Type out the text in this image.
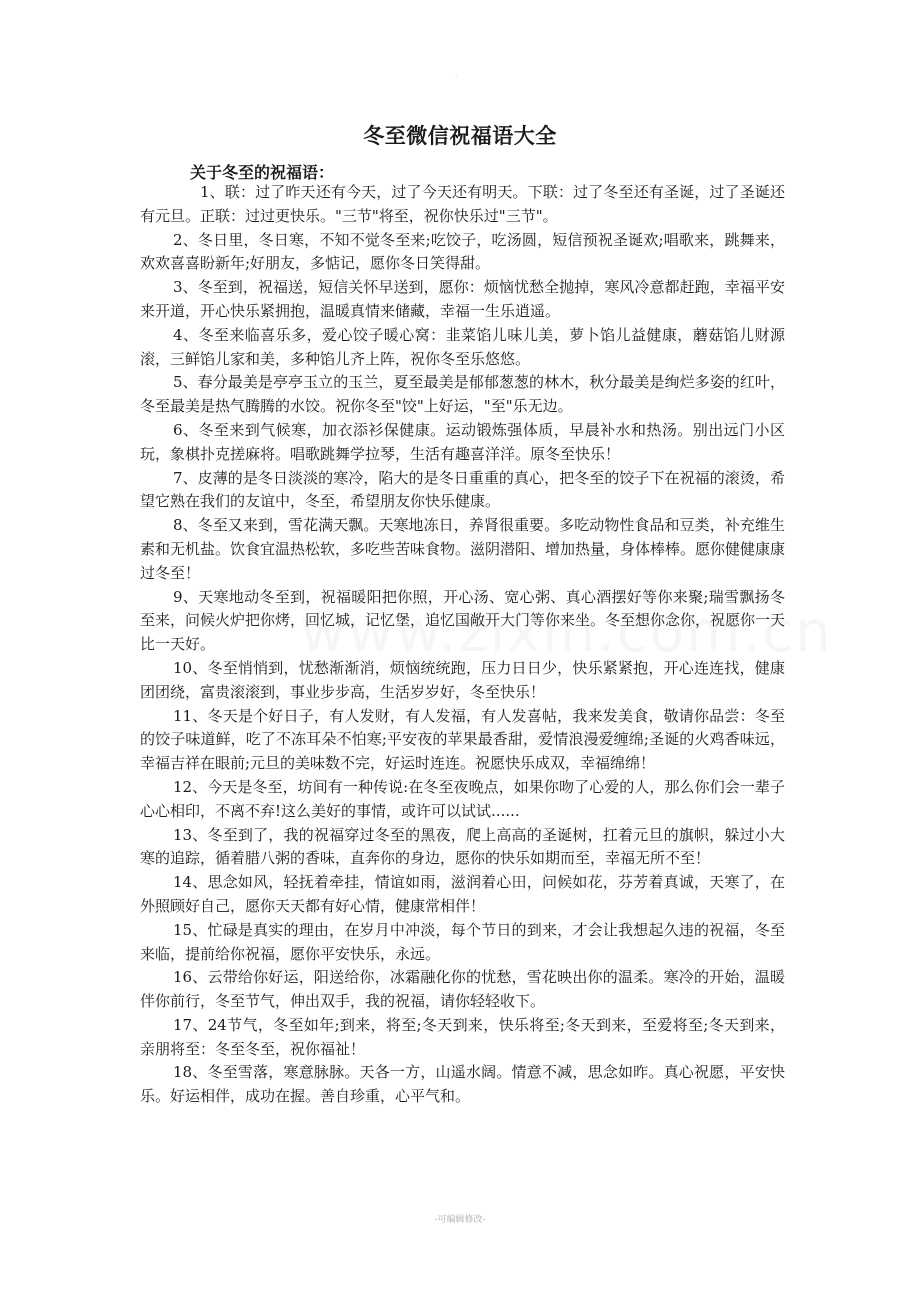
.
冬至微信祝福语大全
关于冬至的祝福语：

1、联：过了昨天还有今天，过了今天还有明天。下联：过了冬至还有圣诞，过了圣诞还有元旦。正联：过过更快乐。"三节"将至，祝你快乐过"三节"。

2、冬日里，冬日寒，不知不觉冬至来;吃饺子，吃汤圆，短信预祝圣诞欢;唱歌来，跳舞来，欢欢喜喜盼新年;好朋友，多惦记，愿你冬日笑得甜。

3、冬至到，祝福送，短信关怀早送到，愿你：烦恼忧愁全抛掉，寒风冷意都赶跑，幸福平安来开道，开心快乐紧拥抱，温暖真情来储藏，幸福一生乐逍遥。

4、冬至来临喜乐多，爱心饺子暖心窝：韭菜馅儿味儿美，萝卜馅儿益健康，蘑菇馅儿财源滚，三鲜馅儿家和美，多种馅儿齐上阵，祝你冬至乐悠悠。

5、春分最美是亭亭玉立的玉兰，夏至最美是郁郁葱葱的林木，秋分最美是绚烂多姿的红叶，冬至最美是热气腾腾的水饺。祝你冬至"饺"上好运，"至"乐无边。

6、冬至来到气候寒，加衣添衫保健康。运动锻炼强体质，早晨补水和热汤。别出远门小区玩，象棋扑克搓麻将。唱歌跳舞学拉琴，生活有趣喜洋洋。原冬至快乐！

7、皮薄的是冬日淡淡的寒冷，陷大的是冬日重重的真心，把冬至的饺子下在祝福的滚烫，希望它熟在我们的友谊中，冬至，希望朋友你快乐健康。

8、冬至又来到，雪花满天飘。天寒地冻日，养肾很重要。多吃动物性食品和豆类，补充维生素和无机盐。饮食宜温热松软，多吃些苦味食物。滋阴潜阳、增加热量，身体棒棒。愿你健健康康过冬至！

9、天寒地动冬至到，祝福暖阳把你照，开心汤、宽心粥、真心酒摆好等你来聚;瑞雪飘扬冬至来，问候火炉把你烤，回忆城，记忆堡，追忆国敞开大门等你来坐。冬至想你念你，祝愿你一天比一天好。

10、冬至悄悄到，忧愁渐渐消，烦恼统统跑，压力日日少，快乐紧紧抱，开心连连找，健康团团绕，富贵滚滚到，事业步步高，生活岁岁好，冬至快乐！

11、冬天是个好日子，有人发财，有人发福，有人发喜帖，我来发美食，敬请你品尝：冬至的饺子味道鲜，吃了不冻耳朵不怕寒;平安夜的苹果最香甜，爱情浪漫爱缠绵;圣诞的火鸡香味远，幸福吉祥在眼前;元旦的美味数不完，好运时连连。祝愿快乐成双，幸福绵绵！

12、今天是冬至，坊间有一种传说:在冬至夜晚点，如果你吻了心爱的人，那么你们会一辈子心心相印，不离不弃!这么美好的事情，或许可以试试......

13、冬至到了，我的祝福穿过冬至的黑夜，爬上高高的圣诞树，扛着元旦的旗帜，躲过小大寒的追踪，循着腊八粥的香味，直奔你的身边，愿你的快乐如期而至，幸福无所不至！

14、思念如风，轻抚着牵挂，情谊如雨，滋润着心田，问候如花，芬芳着真诚，天寒了，在外照顾好自己，愿你天天都有好心情，健康常相伴！

15、忙碌是真实的理由，在岁月中冲淡，每个节日的到来，才会让我想起久违的祝福，冬至来临，提前给你祝福，愿你平安快乐，永远。

16、云带给你好运，阳送给你，冰霜融化你的忧愁，雪花映出你的温柔。寒冷的开始，温暖伴你前行，冬至节气，伸出双手，我的祝福，请你轻轻收下。

17、24节气，冬至如年;到来，将至;冬天到来，快乐将至;冬天到来，至爱将至;冬天到来，亲朋将至：冬至冬至，祝你福祉！

18、冬至雪落，寒意脉脉。天各一方，山遥水阔。情意不减，思念如昨。真心祝愿，平安快乐。好运相伴，成功在握。善自珍重，心平气和。

-可编辑修改-
